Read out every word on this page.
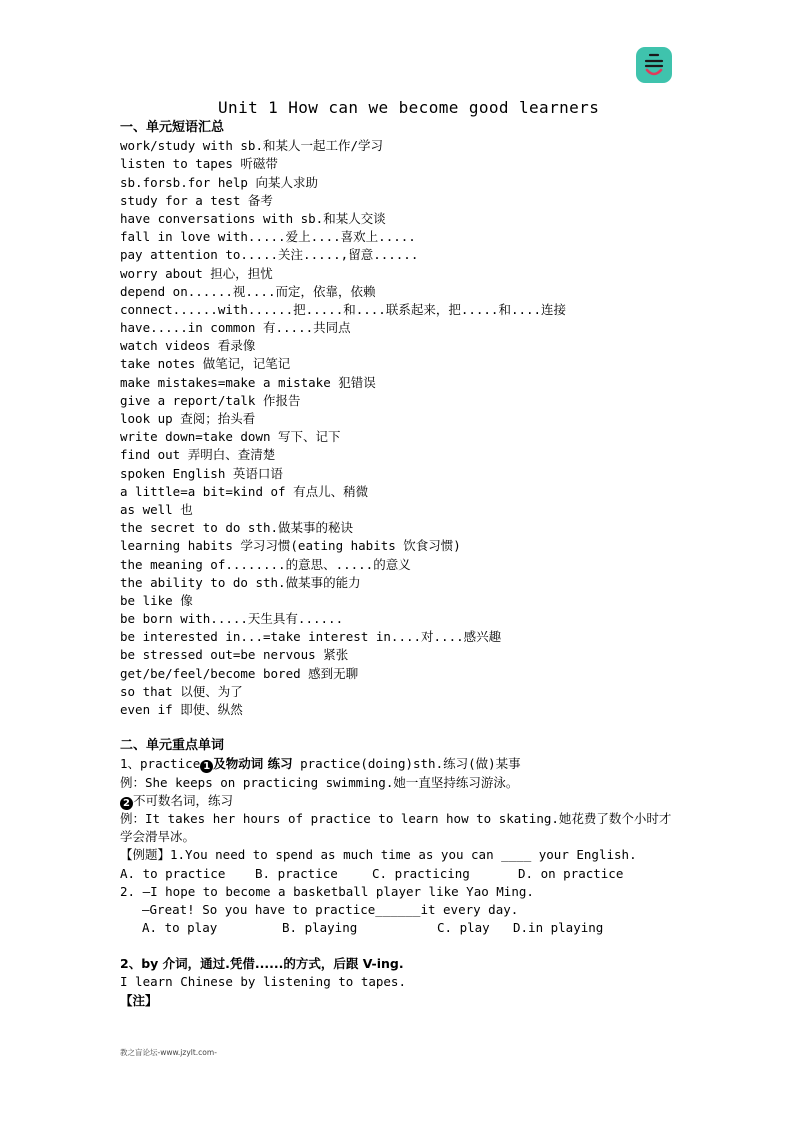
Unit 1 How can we become good learners
一、单元短语汇总
work/study with sb.和某人一起工作/学习
listen to tapes 听磁带
sb.forsb.for help 向某人求助
study for a test 备考
have conversations with sb.和某人交谈
fall in love with.....爱上....喜欢上.....
pay attention to.....关注.....,留意......
worry about 担心，担忧
depend on......视....而定，依靠，依赖
connect......with......把.....和....联系起来，把.....和....连接
have.....in common 有.....共同点
watch videos 看录像
take notes 做笔记，记笔记
make mistakes=make a mistake 犯错误
give a report/talk 作报告
look up 查阅；抬头看
write down=take down 写下、记下
find out 弄明白、查清楚
spoken English 英语口语
a little=a bit=kind of 有点儿、稍微
as well 也
the secret to do sth.做某事的秘诀
learning habits 学习习惯(eating habits 饮食习惯)
the meaning of........的意思、.....的意义
the ability to do sth.做某事的能力
be like 像
be born with.....天生具有......
be interested in...=take interest in....对....感兴趣
be stressed out=be nervous 紧张
get/be/feel/become bored 感到无聊
so that 以便、为了
even if 即使、纵然
二、单元重点单词
1、practice 1 及物动词 练习 practice(doing)sth.练习(做)某事
例：She keeps on practicing swimming.她一直坚持练习游泳。
2 不可数名词，练习
例：It takes her hours of practice to learn how to skating.她花费了数个小时才学会滑旱冰。
【例题】1.You need to spend as much time as you can ____ your English.
A. to practice	B. practice	C. practicing	D. on practice
2. —I hope to become a basketball player like Yao Ming.
—Great! So you have to practice______it every day.
A. to play	B. playing	C. play	D.in playing
2、by 介词，通过.凭借......的方式，后跟 V-ing.
I learn Chinese by listening to tapes.
【注】
教之盲论坛-www.jzylt.com-
